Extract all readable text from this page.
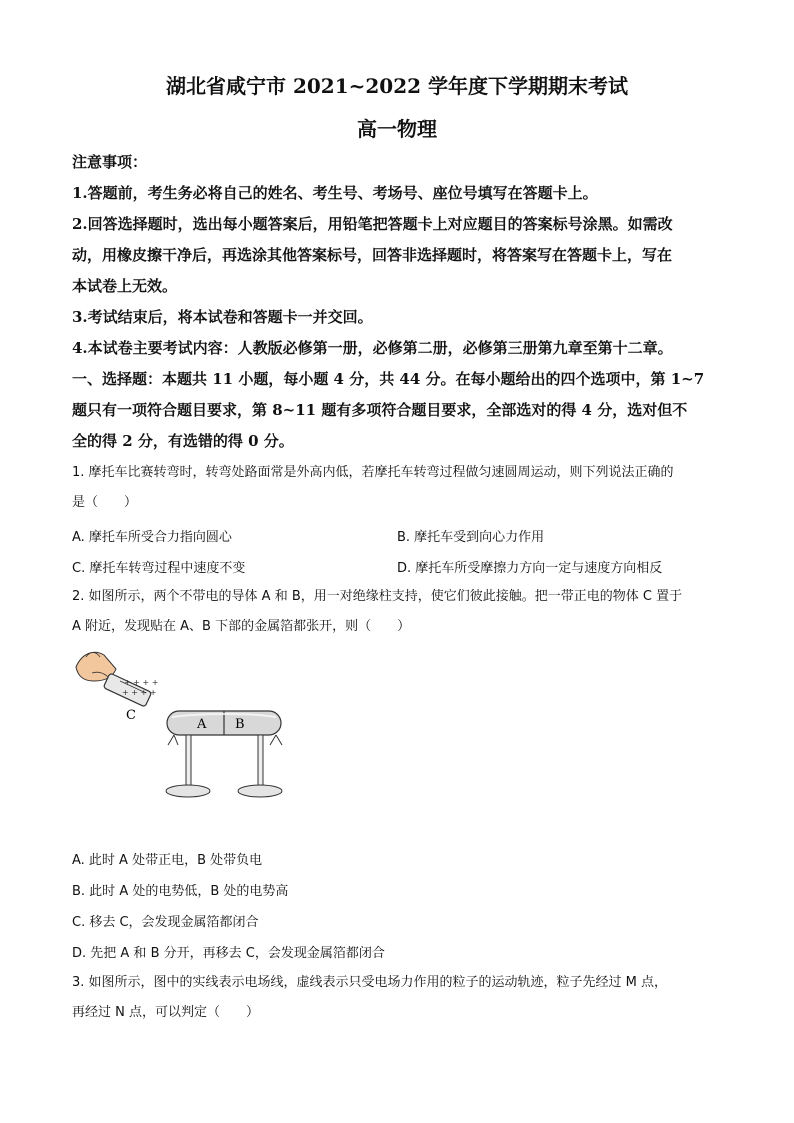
湖北省咸宁市 2021~2022 学年度下学期期末考试
高一物理
注意事项：
1.答题前，考生务必将自己的姓名、考生号、考场号、座位号填写在答题卡上。
2.回答选择题时，选出每小题答案后，用铅笔把答题卡上对应题目的答案标号涂黑。如需改
动，用橡皮擦干净后，再选涂其他答案标号，回答非选择题时，将答案写在答题卡上，写在
本试卷上无效。
3.考试结束后，将本试卷和答题卡一并交回。
4.本试卷主要考试内容：人教版必修第一册，必修第二册，必修第三册第九章至第十二章。
一、选择题：本题共 11 小题，每小题 4 分，共 44 分。在每小题给出的四个选项中，第 1~7
题只有一项符合题目要求，第 8~11 题有多项符合题目要求，全部选对的得 4 分，选对但不
全的得 2 分，有选错的得 0 分。
1. 摩托车比赛转弯时，转弯处路面常是外高内低，若摩托车转弯过程做匀速圆周运动，则下列说法正确的
是（　　）
A. 摩托车所受合力指向圆心	B. 摩托车受到向心力作用
C. 摩托车转弯过程中速度不变	D. 摩托车所受摩擦力方向一定与速度方向相反
2. 如图所示，两个不带电的导体 A 和 B，用一对绝缘柱支持，使它们彼此接触。把一带正电的物体 C 置于
A 附近，发现贴在 A、B 下部的金属箔都张开，则（　　）
+ + + +
+ + + +
C
A B
A. 此时 A 处带正电，B 处带负电
B. 此时 A 处的电势低，B 处的电势高
C. 移去 C，会发现金属箔都闭合
D. 先把 A 和 B 分开，再移去 C，会发现金属箔都闭合
3. 如图所示，图中的实线表示电场线，虚线表示只受电场力作用的粒子的运动轨迹，粒子先经过 M 点，
再经过 N 点，可以判定（　　）
